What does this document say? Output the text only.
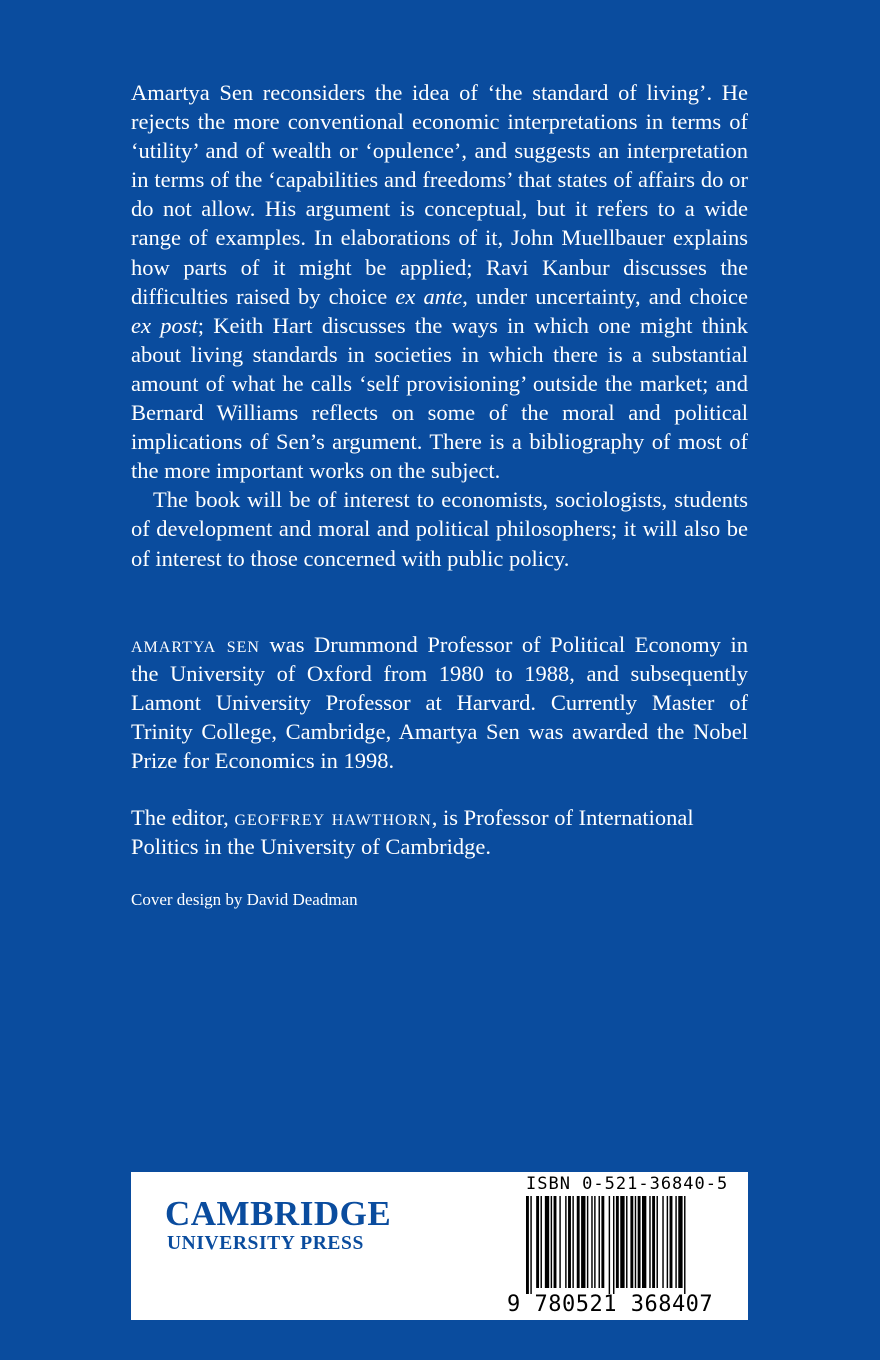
Amartya Sen reconsiders the idea of ‘the standard of living’. He rejects the more conventional economic interpretations in terms of ‘utility’ and of wealth or ‘opulence’, and suggests an interpretation in terms of the ‘capabilities and freedoms’ that states of affairs do or do not allow. His argument is conceptual, but it refers to a wide range of examples. In elaborations of it, John Muellbauer explains how parts of it might be applied; Ravi Kanbur discusses the difficulties raised by choice ex ante, under uncertainty, and choice ex post; Keith Hart discusses the ways in which one might think about living standards in societies in which there is a substantial amount of what he calls ‘self provisioning’ outside the market; and Bernard Williams reflects on some of the moral and political implications of Sen’s argument. There is a bibliography of most of the more important works on the subject.

The book will be of interest to economists, sociologists, students of development and moral and political philosophers; it will also be of interest to those concerned with public policy.

amartya sen was Drummond Professor of Political Economy in the University of Oxford from 1980 to 1988, and subsequently Lamont University Professor at Harvard. Currently Master of Trinity College, Cambridge, Amartya Sen was awarded the Nobel Prize for Economics in 1998.

The editor, geoffrey hawthorn, is Professor of International Politics in the University of Cambridge.

Cover design by David Deadman
CAMBRIDGE
UNIVERSITY PRESS
ISBN 0-521-36840-5
9 780521 368407
